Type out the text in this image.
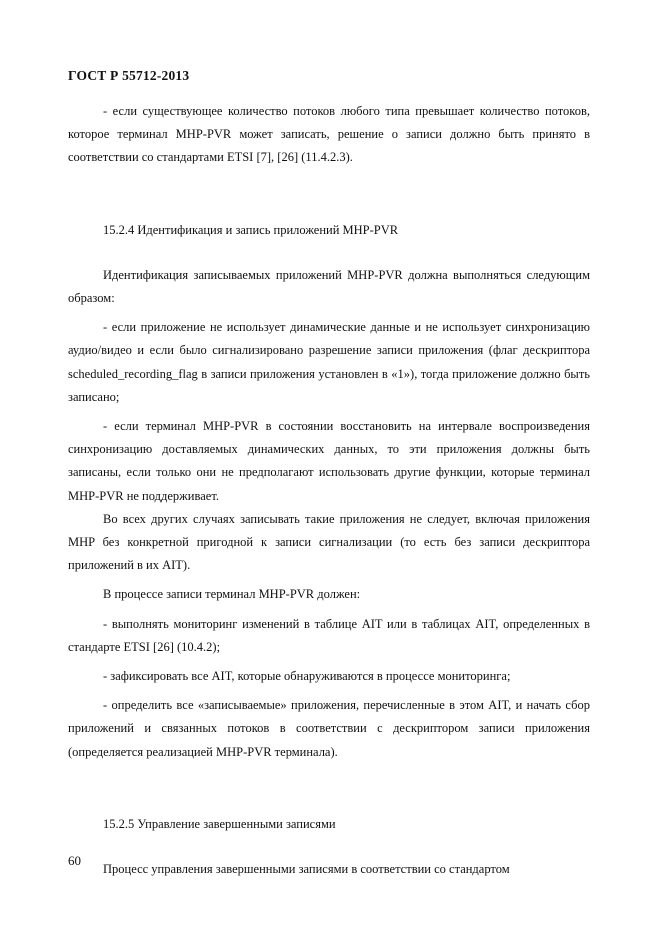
ГОСТ Р 55712-2013

- если существующее количество потоков любого типа превышает количество потоков, которое терминал MHP-PVR может записать, решение о записи должно быть принято в соответствии со стандартами ETSI [7], [26] (11.4.2.3).

15.2.4 Идентификация и запись приложений MHP-PVR

Идентификация записываемых приложений MHP-PVR должна выполняться следующим образом:

- если приложение не использует динамические данные и не использует синхронизацию аудио/видео и если было сигнализировано разрешение записи приложения (флаг дескриптора scheduled_recording_flag в записи приложения установлен в «1»), тогда приложение должно быть записано;

- если терминал MHP-PVR в состоянии восстановить на интервале воспроизведения синхронизацию доставляемых динамических данных, то эти приложения должны быть записаны, если только они не предполагают использовать другие функции, которые терминал MHP-PVR не поддерживает.

Во всех других случаях записывать такие приложения не следует, включая приложения MHP без конкретной пригодной к записи сигнализации (то есть без записи дескриптора приложений в их AIT).

В процессе записи терминал MHP-PVR должен:

- выполнять мониторинг изменений в таблице AIT или в таблицах AIT, определенных в стандарте ETSI [26] (10.4.2);

- зафиксировать все AIT, которые обнаруживаются в процессе мониторинга;

- определить все «записываемые» приложения, перечисленные в этом AIT, и начать сбор приложений и связанных потоков в соответствии с дескриптором записи приложения (определяется реализацией MHP-PVR терминала).

15.2.5 Управление завершенными записями

Процесс управления завершенными записями в соответствии со стандартом

60
